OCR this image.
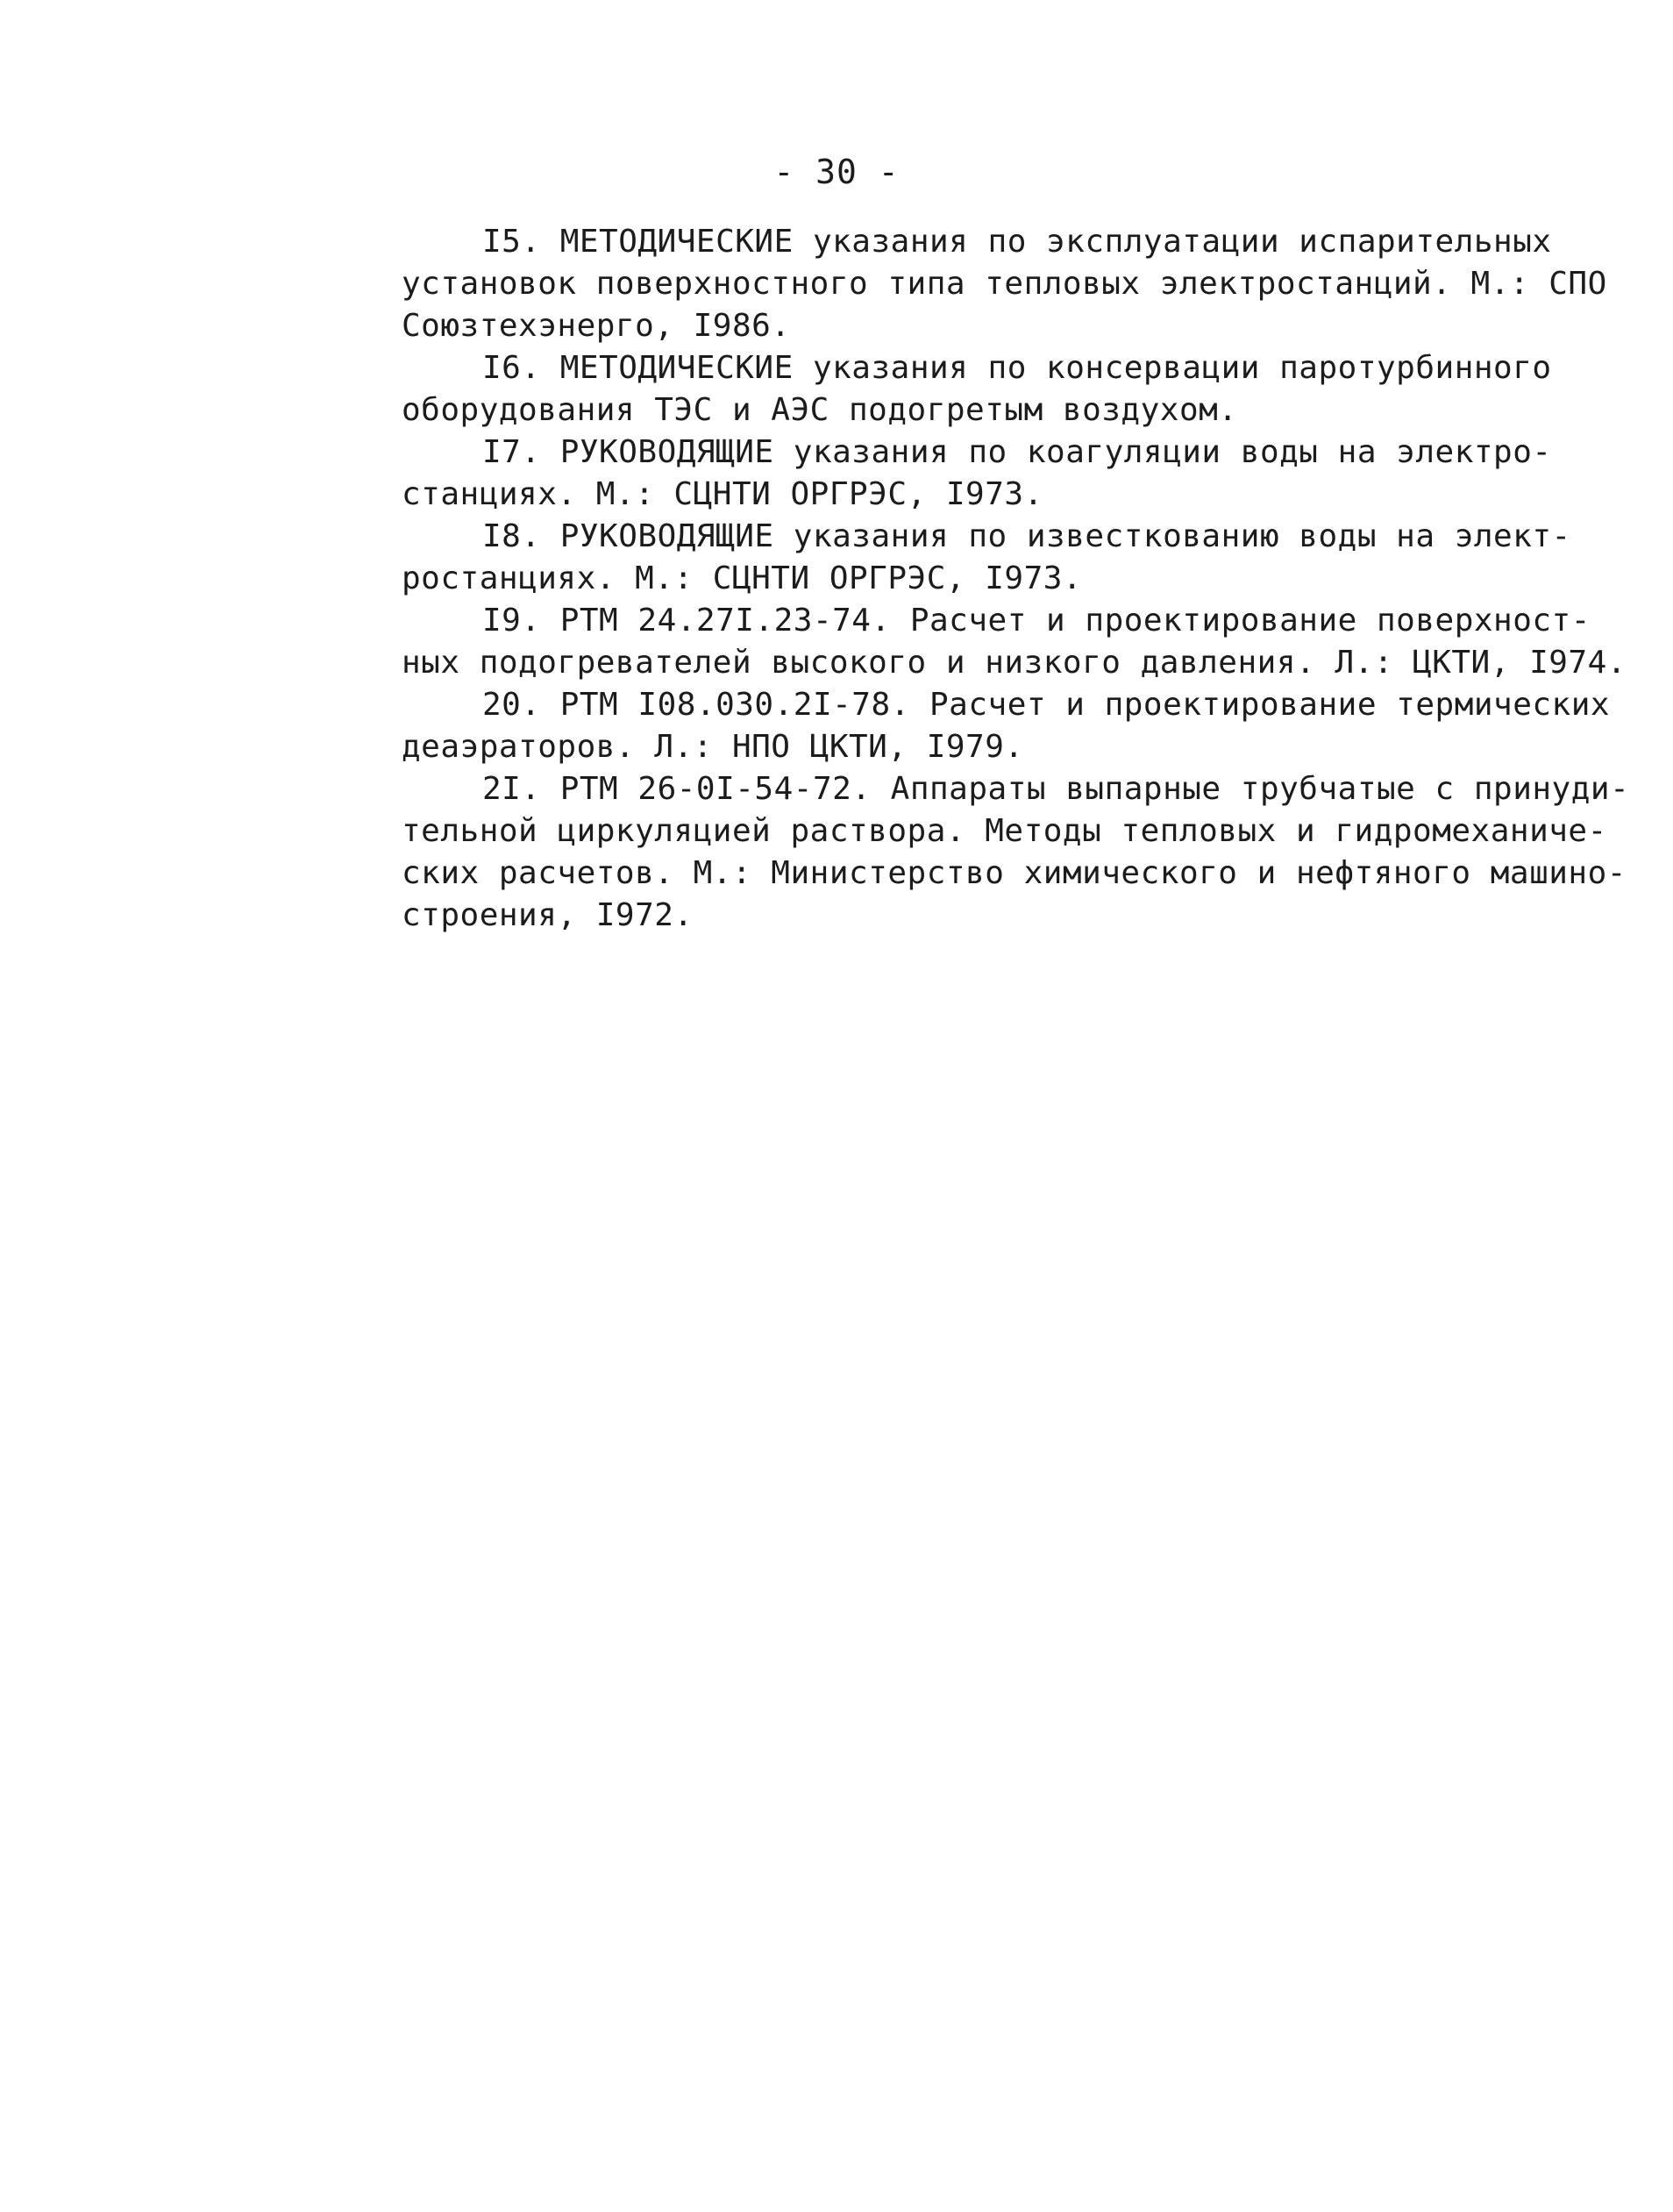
- 30 -
I5. МЕТОДИЧЕСКИЕ указания по эксплуатации испарительных
установок поверхностного типа тепловых электростанций. М.: СПО
Союзтехэнерго, I986.
I6. МЕТОДИЧЕСКИЕ указания по консервации паротурбинного
оборудования ТЭС и АЭС подогретым воздухом.
I7. РУКОВОДЯЩИЕ указания по коагуляции воды на электро-
станциях. М.: СЦНТИ ОРГРЭС, I973.
I8. РУКОВОДЯЩИЕ указания по известкованию воды на элект-
ростанциях. М.: СЦНТИ ОРГРЭС, I973.
I9. РТМ 24.27I.23-74. Расчет и проектирование поверхност-
ных подогревателей высокого и низкого давления. Л.: ЦКТИ, I974.
20. РТМ I08.030.2I-78. Расчет и проектирование термических
деаэраторов. Л.: НПО ЦКТИ, I979.
2I. РТМ 26-0I-54-72. Аппараты выпарные трубчатые с принуди-
тельной циркуляцией раствора. Методы тепловых и гидромеханиче-
ских расчетов. М.: Министерство химического и нефтяного машино-
строения, I972.
